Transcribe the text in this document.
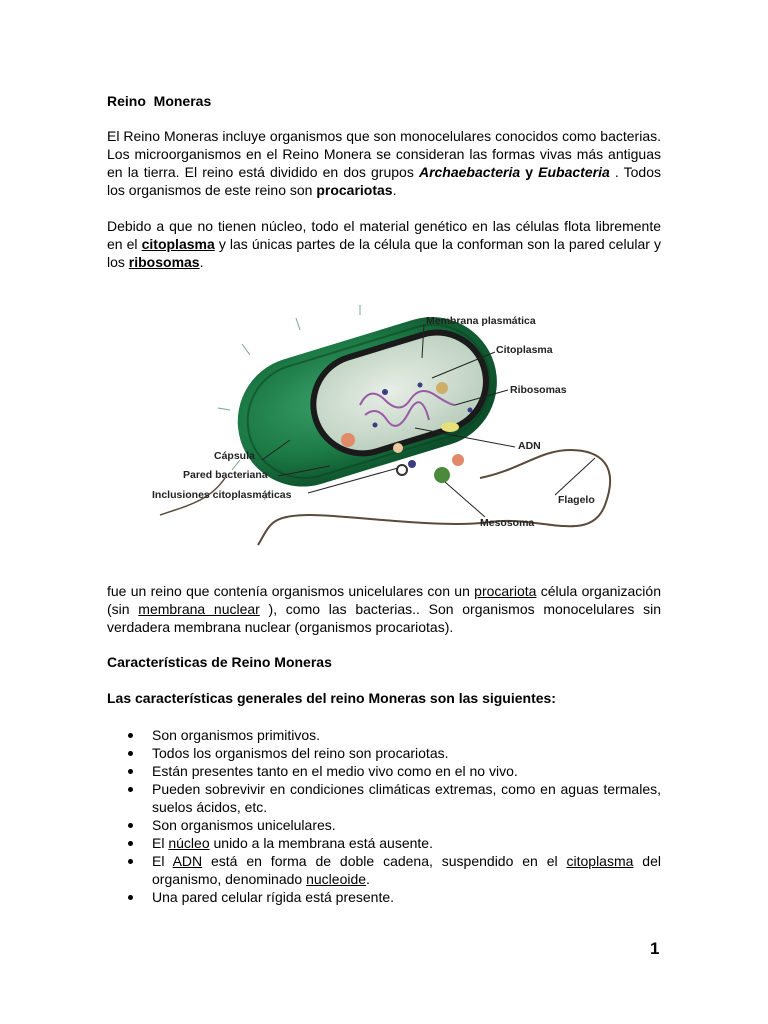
Reino  Moneras
El Reino Moneras incluye organismos que son monocelulares conocidos como bacterias. Los microorganismos en el Reino Monera se consideran las formas vivas más antiguas en la tierra. El reino está dividido en dos grupos Archaebacteria y Eubacteria . Todos los organismos de este reino son procariotas.
Debido a que no tienen núcleo, todo el material genético en las células flota libremente en el citoplasma y las únicas partes de la célula que la conforman son la pared celular y los ribosomas.
fue un reino que contenía organismos unicelulares con un procariota célula organización (sin membrana nuclear ), como las bacterias.. Son organismos monocelulares sin verdadera membrana nuclear (organismos procariotas).
Características de Reino Moneras
Las características generales del reino Moneras son las siguientes:
Son organismos primitivos.
Todos los organismos del reino son procariotas.
Están presentes tanto en el medio vivo como en el no vivo.
Pueden sobrevivir en condiciones climáticas extremas, como en aguas termales, suelos ácidos, etc.
Son organismos unicelulares.
El núcleo unido a la membrana está ausente.
El ADN está en forma de doble cadena, suspendido en el citoplasma del organismo, denominado nucleoide.
Una pared celular rígida está presente.
Membrana plasmática
Citoplasma
Ribosomas
ADN
Cápsula
Pared bacteriana
Inclusiones citoplasmáticas	Flagelo
Mesosoma
1
